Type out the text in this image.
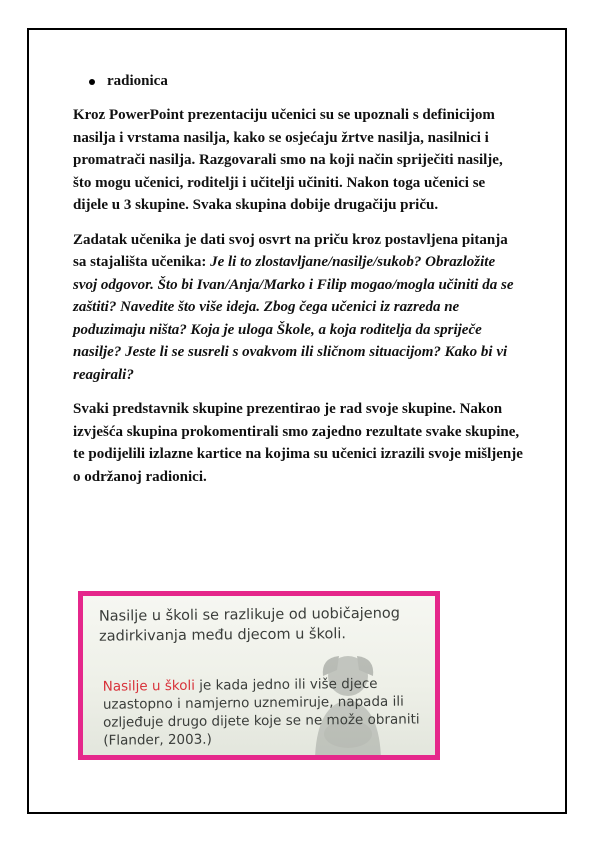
radionica

Kroz PowerPoint prezentaciju učenici su se upoznali s definicijom nasilja i vrstama nasilja, kako se osjećaju žrtve nasilja, nasilnici i promatrači nasilja. Razgovarali smo na koji način spriječiti nasilje, što mogu učenici, roditelji i učitelji učiniti. Nakon toga učenici se dijele u 3 skupine. Svaka skupina dobije drugačiju priču.

Zadatak učenika je dati svoj osvrt na priču kroz postavljena pitanja sa stajališta učenika: Je li to zlostavljane/nasilje/sukob? Obrazložite svoj odgovor. Što bi Ivan/Anja/Marko i Filip mogao/mogla učiniti da se zaštiti? Navedite što više ideja. Zbog čega učenici iz razreda ne poduzimaju ništa? Koja je uloga Škole, a koja roditelja da spriječe nasilje? Jeste li se susreli s ovakvom ili sličnom situacijom? Kako bi vi reagirali?

Svaki predstavnik skupine prezentirao je rad svoje skupine. Nakon izvješća skupina prokomentirali smo zajedno rezultate svake skupine, te podijelili izlazne kartice na kojima su učenici izrazili svoje mišljenje o održanoj radionici.

Nasilje u školi se razlikuje od uobičajenog zadirkivanja među djecom u školi.
Nasilje u školi je kada jedno ili više djece uzastopno i namjerno uznemiruje, napada ili ozlјeđuje drugo dijete koje se ne može obraniti (Flander, 2003.)
